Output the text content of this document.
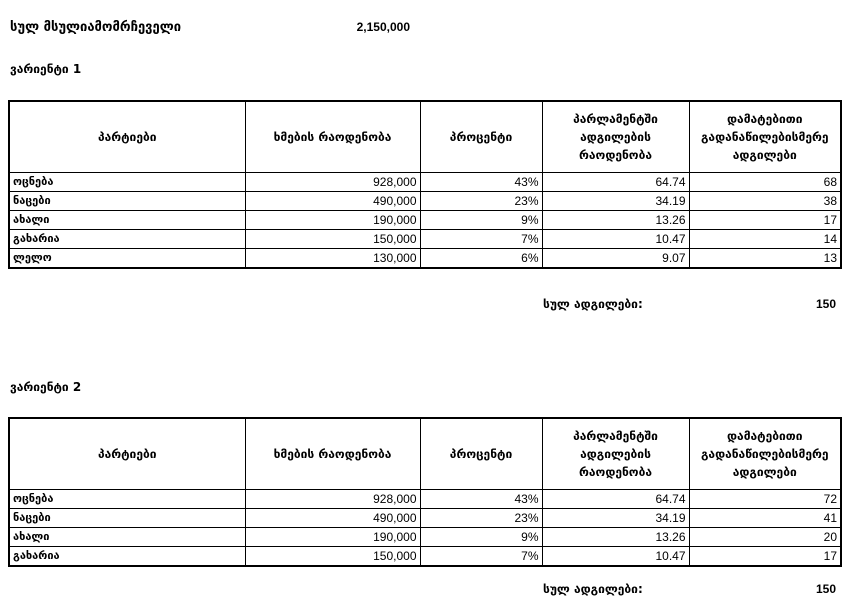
სულ მსულიამომრჩეველი	2,150,000
ვარიენტი 1
პარტიები	ხმების რაოდენობა	პროცენტი	პარლამენტში ადგილების რაოდენობა	დამატებითი გადანაწილებისმერე ადგილები
ოცნება	928,000	43%	64.74	68
ნაცები	490,000	23%	34.19	38
ახალი	190,000	9%	13.26	17
გახარია	150,000	7%	10.47	14
ლელო	130,000	6%	9.07	13
სულ ადგილები:	150
ვარიენტი 2
პარტიები	ხმების რაოდენობა	პროცენტი	პარლამენტში ადგილების რაოდენობა	დამატებითი გადანაწილებისმერე ადგილები
ოცნება	928,000	43%	64.74	72
ნაცები	490,000	23%	34.19	41
ახალი	190,000	9%	13.26	20
გახარია	150,000	7%	10.47	17
სულ ადგილები:	150
